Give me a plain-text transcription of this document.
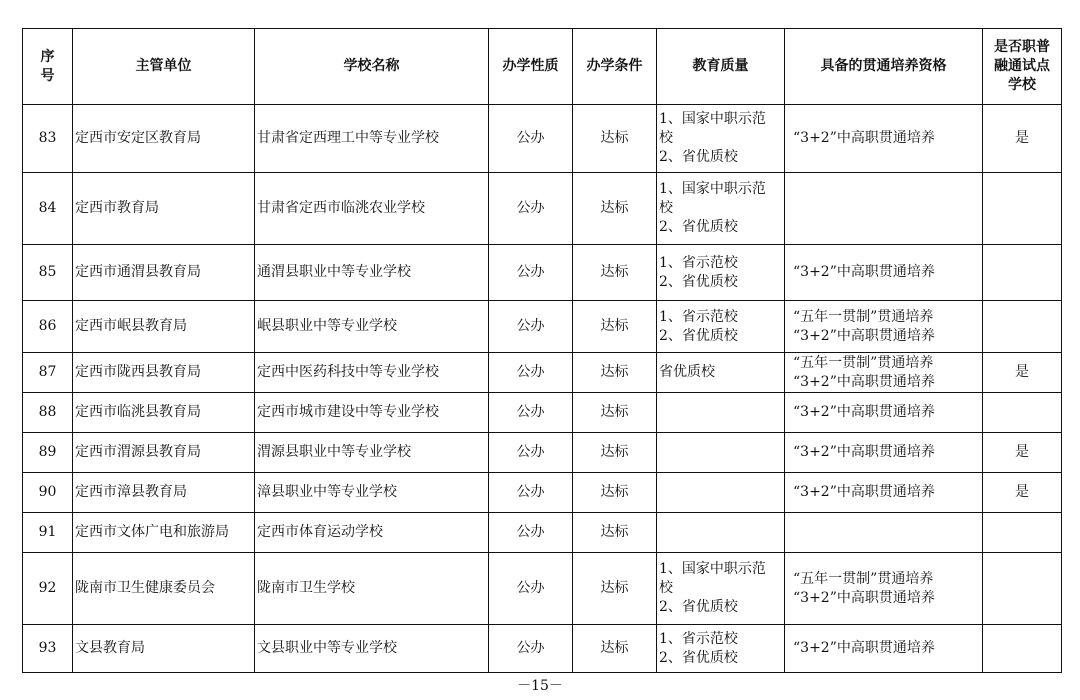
序
号	主管单位	学校名称	办学性质	办学条件	教育质量	具备的贯通培养资格	是否职普
融通试点
学校
83	定西市安定区教育局	甘肃省定西理工中等专业学校	公办	达标	1、国家中职示范
校
2、省优质校	“3+2”中高职贯通培养	是
84	定西市教育局	甘肃省定西市临洮农业学校	公办	达标	1、国家中职示范
校
2、省优质校		

85	定西市通渭县教育局	通渭县职业中等专业学校	公办	达标	1、省示范校
2、省优质校	“3+2”中高职贯通培养	

86	定西市岷县教育局	岷县职业中等专业学校	公办	达标	1、省示范校
2、省优质校	“五年一贯制”贯通培养
“3+2”中高职贯通培养	

87	定西市陇西县教育局	定西中医药科技中等专业学校	公办	达标	省优质校	“五年一贯制”贯通培养
“3+2”中高职贯通培养	是
88	定西市临洮县教育局	定西市城市建设中等专业学校	公办	达标		“3+2”中高职贯通培养	

89	定西市渭源县教育局	渭源县职业中等专业学校	公办	达标		“3+2”中高职贯通培养	是
90	定西市漳县教育局	漳县职业中等专业学校	公办	达标		“3+2”中高职贯通培养	是
91	定西市文体广电和旅游局	定西市体育运动学校	公办	达标			
92	陇南市卫生健康委员会	陇南市卫生学校	公办	达标	1、国家中职示范
校
2、省优质校	“五年一贯制”贯通培养
“3+2”中高职贯通培养	

93	文县教育局	文县职业中等专业学校	公办	达标	1、省示范校
2、省优质校	“3+2”中高职贯通培养	

－15－
